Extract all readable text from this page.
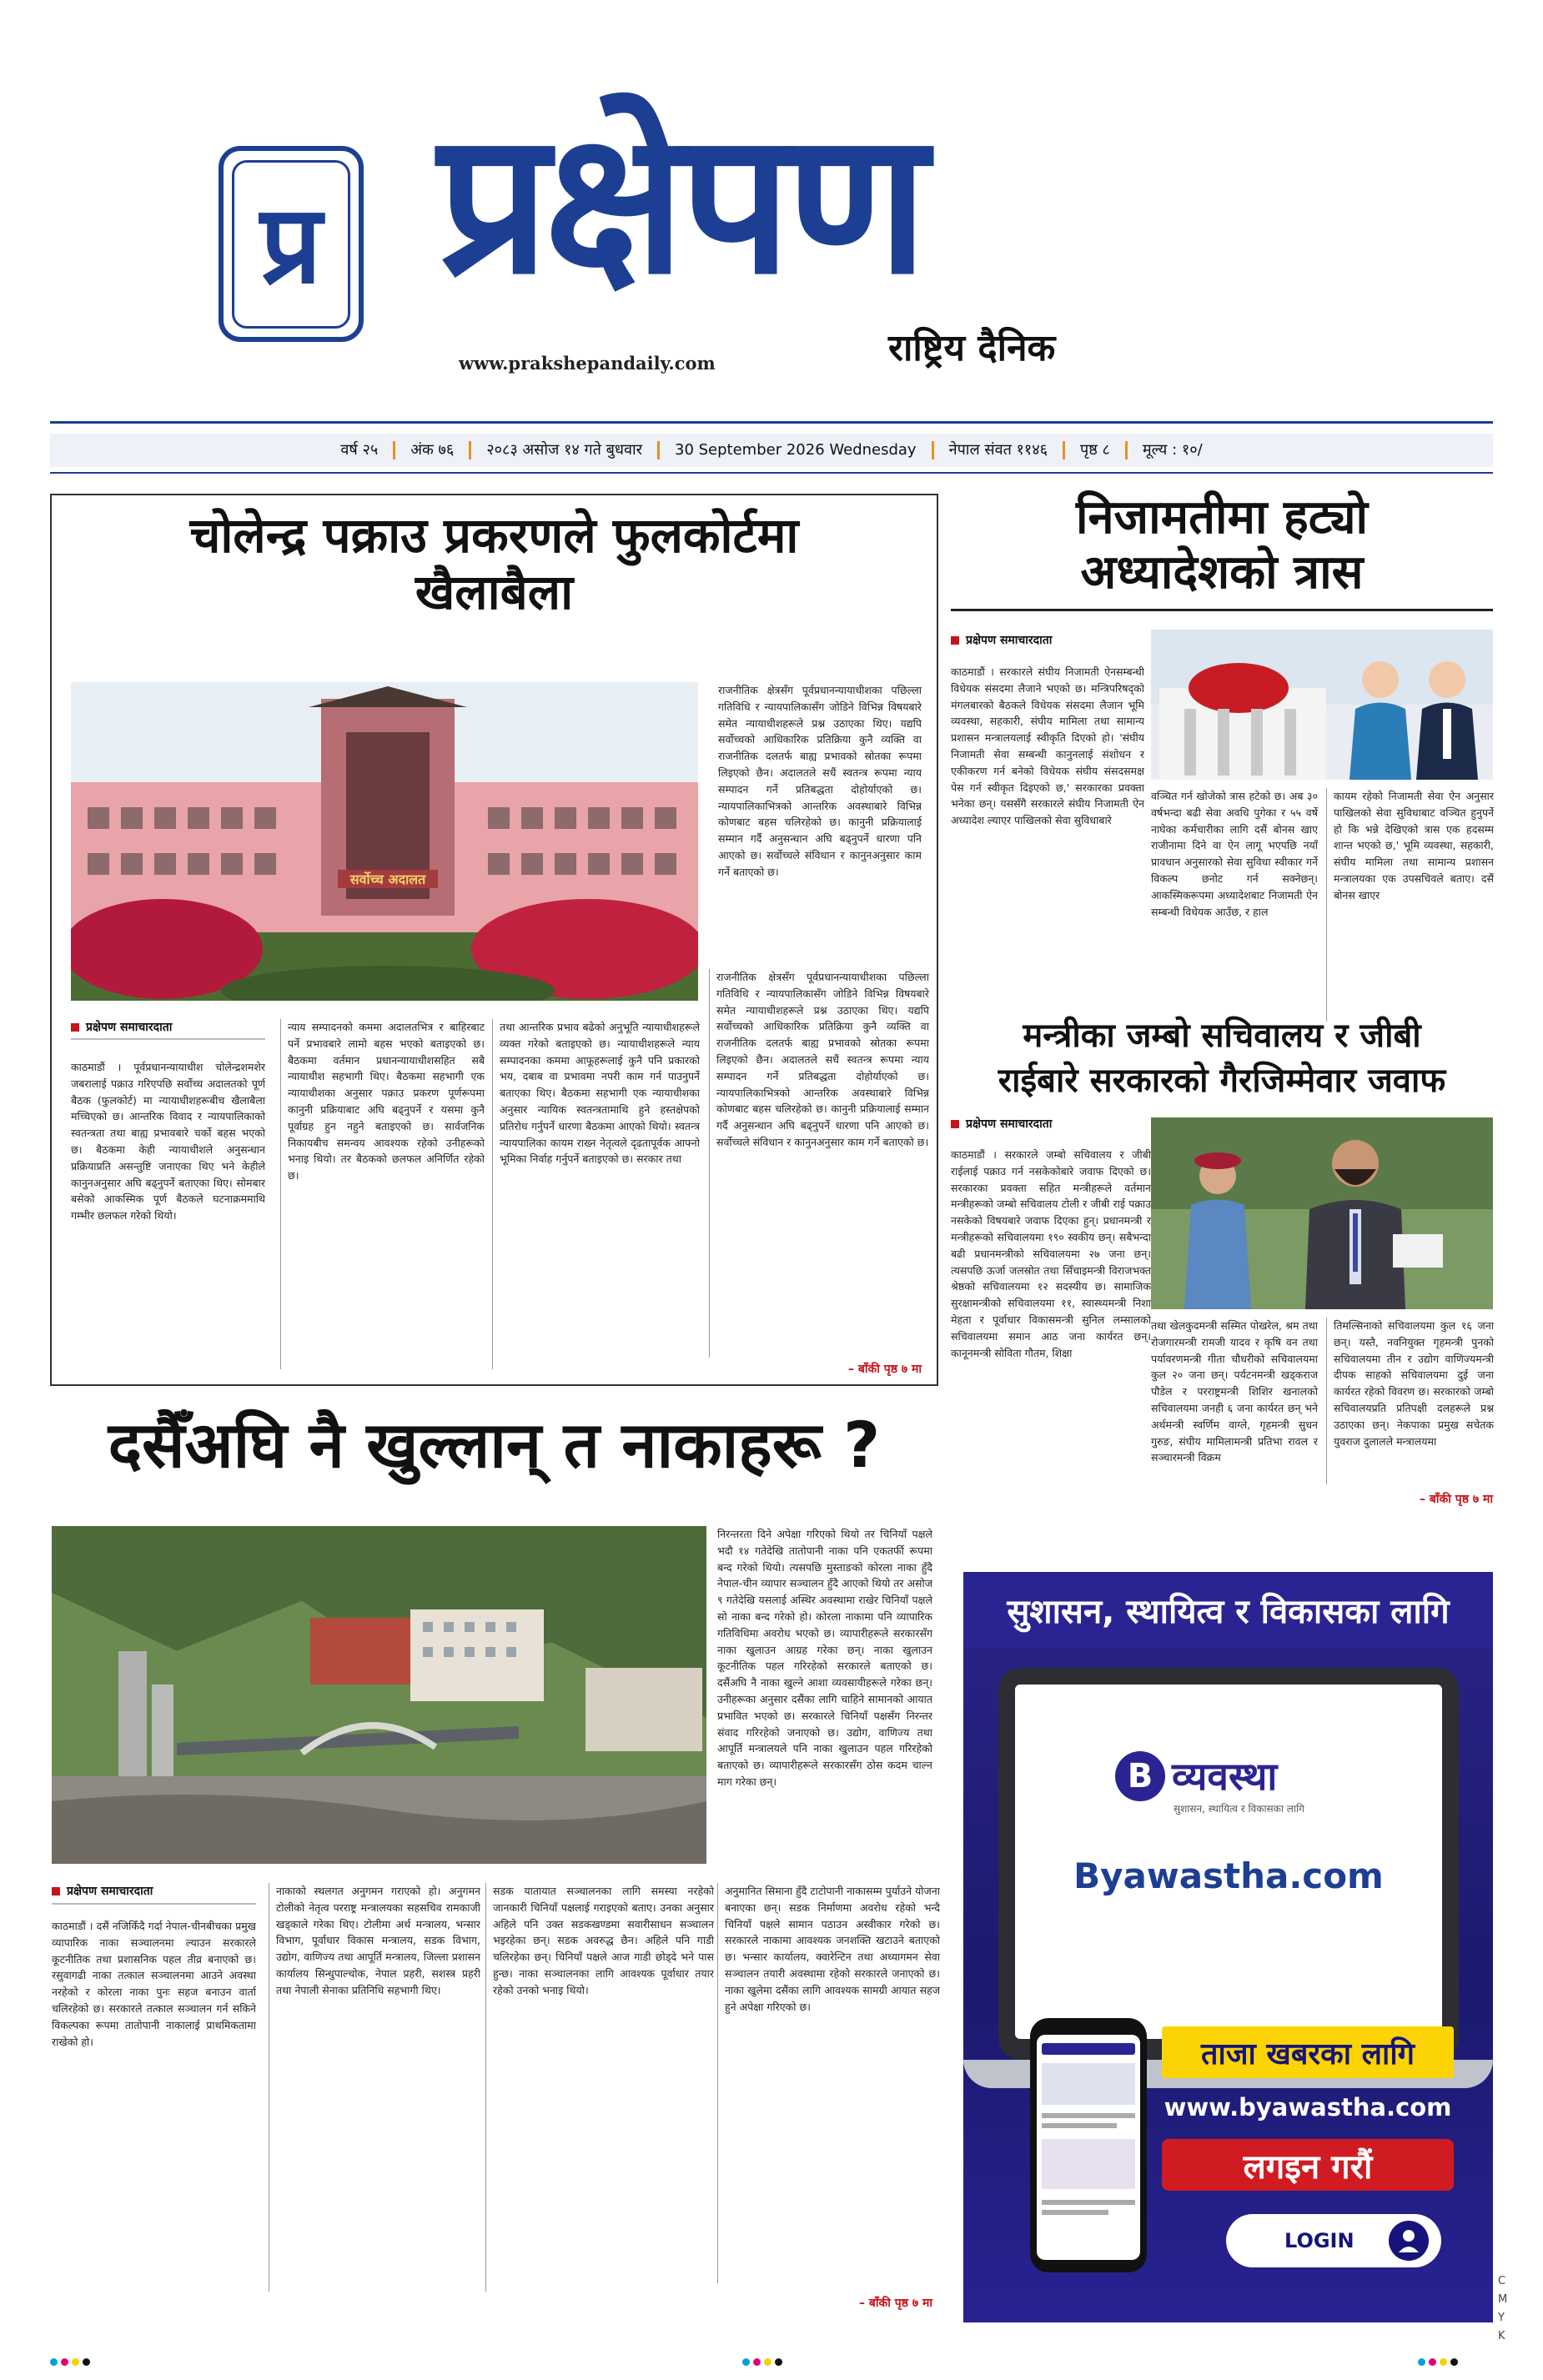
प्र प्रक्षेपण
राष्ट्रिय दैनिक
www.prakshepandaily.com
वर्ष २५	अंक ७६	२०८३ असोज १४ गते बुधवार	30 September 2026 Wednesday	नेपाल संवत ११४६	पृष्ठ ८	मूल्य : १०/
चोलेन्द्र पक्राउ प्रकरणले फुलकोर्टमा
खैलाबैला
सर्वोच्च अदालत
राजनीतिक क्षेत्रसँग पूर्वप्रधानन्यायाधीशका पछिल्ला गतिविधि र न्यायपालिकासँग जोडिने विभिन्न विषयबारे समेत न्यायाधीशहरूले प्रश्न उठाएका थिए। यद्यपि सर्वोच्चको आधिकारिक प्रतिक्रिया कुनै व्यक्ति वा राजनीतिक दलतर्फ बाह्य प्रभावको स्रोतका रूपमा लिइएको छैन। अदालतले सधैं स्वतन्त्र रूपमा न्याय सम्पादन गर्ने प्रतिबद्धता दोहोर्याएको छ। न्यायपालिकाभित्रको आन्तरिक अवस्थाबारे विभिन्न कोणबाट बहस चलिरहेको छ। कानुनी प्रक्रियालाई सम्मान गर्दै अनुसन्धान अघि बढ्नुपर्ने धारणा पनि आएको छ। सर्वोच्चले संविधान र कानुनअनुसार काम गर्ने बताएको छ।
प्रक्षेपण समाचारदाता
काठमाडौं । पूर्वप्रधानन्यायाधीश चोलेन्द्रशमशेर जबरालाई पक्राउ गरिएपछि सर्वोच्च अदालतको पूर्ण बैठक (फुलकोर्ट) मा न्यायाधीशहरूबीच खैलाबैला मच्चिएको छ। आन्तरिक विवाद र न्यायपालिकाको स्वतन्त्रता तथा बाह्य प्रभावबारे चर्को बहस भएको छ। बैठकमा केही न्यायाधीशले अनुसन्धान प्रक्रियाप्रति असन्तुष्टि जनाएका थिए भने केहीले कानुनअनुसार अघि बढ्नुपर्ने बताएका थिए। सोमबार बसेको आकस्मिक पूर्ण बैठकले घटनाक्रममाथि गम्भीर छलफल गरेको थियो।
न्याय सम्पादनको कममा अदालतभित्र र बाहिरबाट पर्ने प्रभावबारे लामो बहस भएको बताइएको छ। बैठकमा वर्तमान प्रधानन्यायाधीशसहित सबै न्यायाधीश सहभागी थिए। बैठकमा सहभागी एक न्यायाधीशका अनुसार पक्राउ प्रकरण पूर्णरूपमा कानुनी प्रक्रियाबाट अघि बढ्नुपर्ने र यसमा कुनै पूर्वाग्रह हुन नहुने बताइएको छ। सार्वजनिक निकायबीच समन्वय आवश्यक रहेको उनीहरूको भनाइ थियो। तर बैठकको छलफल अनिर्णित रहेको छ।
तथा आन्तरिक प्रभाव बढेको अनुभूति न्यायाधीशहरूले व्यक्त गरेको बताइएको छ। न्यायाधीशहरूले न्याय सम्पादनका कममा आफूहरूलाई कुनै पनि प्रकारको भय, दबाब वा प्रभावमा नपरी काम गर्न पाउनुपर्ने बताएका थिए। बैठकमा सहभागी एक न्यायाधीशका अनुसार न्यायिक स्वतन्त्रतामाथि हुने हस्तक्षेपको प्रतिरोध गर्नुपर्ने धारणा बैठकमा आएको थियो। स्वतन्त्र न्यायपालिका कायम राख्न नेतृत्वले दृढतापूर्वक आफ्नो भूमिका निर्वाह गर्नुपर्ने बताइएको छ। सरकार तथा
राजनीतिक क्षेत्रसँग पूर्वप्रधानन्यायाधीशका पछिल्ला गतिविधि र न्यायपालिकासँग जोडिने विभिन्न विषयबारे समेत न्यायाधीशहरूले प्रश्न उठाएका थिए। यद्यपि सर्वोच्चको आधिकारिक प्रतिक्रिया कुनै व्यक्ति वा राजनीतिक दलतर्फ बाह्य प्रभावको स्रोतका रूपमा लिइएको छैन। अदालतले सधैं स्वतन्त्र रूपमा न्याय सम्पादन गर्ने प्रतिबद्धता दोहोर्याएको छ। न्यायपालिकाभित्रको आन्तरिक अवस्थाबारे विभिन्न कोणबाट बहस चलिरहेको छ। कानुनी प्रक्रियालाई सम्मान गर्दै अनुसन्धान अघि बढ्नुपर्ने धारणा पनि आएको छ। सर्वोच्चले संविधान र कानुनअनुसार काम गर्ने बताएको छ।
– बाँकी पृष्ठ ७ मा
निजामतीमा हट्यो
अध्यादेशको त्रास
प्रक्षेपण समाचारदाता
काठमाडौं । सरकारले संघीय निजामती ऐनसम्बन्धी विधेयक संसदमा लैजाने भएको छ। मन्त्रिपरिषद्को मंगलबारको बैठकले विधेयक संसदमा लैजान भूमि व्यवस्था, सहकारी, संघीय मामिला तथा सामान्य प्रशासन मन्त्रालयलाई स्वीकृति दिएको हो। 'संघीय निजामती सेवा सम्बन्धी कानुनलाई संशोधन र एकीकरण गर्न बनेको विधेयक संघीय संसदसमक्ष पेस गर्न स्वीकृत दिइएको छ,' सरकारका प्रवक्ता भनेका छन्। यससँगै सरकारले संघीय निजामती ऐन अध्यादेश ल्याएर पाखिलको सेवा सुविधाबारे
वञ्चित गर्न खोजेको त्रास हटेको छ। अब ३० वर्षभन्दा बढी सेवा अवधि पुगेका र ५५ वर्षे नाघेका कर्मचारीका लागि दसैं बोनस खाए राजीनामा दिने वा ऐन लागू भएपछि नयाँ प्रावधान अनुसारको सेवा सुविधा स्वीकार गर्ने विकल्प छनोट गर्न सक्नेछन्। आकस्मिकरूपमा अध्यादेशबाट निजामती ऐन सम्बन्धी विधेयक आउँछ, र हाल
कायम रहेको निजामती सेवा ऐन अनुसार पाखिलको सेवा सुविधाबाट वञ्चित हुनुपर्ने हो कि भन्ने देखिएको त्रास एक हदसम्म शान्त भएको छ,' भूमि व्यवस्था, सहकारी, संघीय मामिला तथा सामान्य प्रशासन मन्त्रालयका एक उपसचिवले बताए। दसैं बोनस खाएर
मन्त्रीका जम्बो सचिवालय र जीबी
राईबारे सरकारको गैरजिम्मेवार जवाफ
प्रक्षेपण समाचारदाता
काठमाडौं । सरकारले जम्बो सचिवालय र जीबी राईलाई पक्राउ गर्न नसकेकोबारे जवाफ दिएको छ। सरकारका प्रवक्ता सहित मन्त्रीहरूले वर्तमान मन्त्रीहरूको जम्बो सचिवालय टोली र जीबी राई पक्राउ नसकेको विषयबारे जवाफ दिएका हुन्। प्रधानमन्त्री र मन्त्रीहरूको सचिवालयमा १९० स्वकीय छन्। सबैभन्दा बढी प्रधानमन्त्रीको सचिवालयमा २७ जना छन्। त्यसपछि ऊर्जा जलस्रोत तथा सिँचाइमन्त्री विराजभक्त श्रेष्ठको सचिवालयमा १२ सदस्यीय छ। सामाजिक सुरक्षामन्त्रीको सचिवालयमा ११, स्वास्थ्यमन्त्री निशा मेहता र पूर्वाधार विकासमन्त्री सुनिल लम्सालको सचिवालयमा समान आठ जना कार्यरत छन्। कानूनमन्त्री सोविता गौतम, शिक्षा
तथा खेलकुदमन्त्री सस्मित पोखरेल, श्रम तथा रोजगारमन्त्री रामजी यादव र कृषि वन तथा पर्यावरणमन्त्री गीता चौधरीको सचिवालयमा कुल २० जना छन्। पर्यटनमन्त्री खड्कराज पौडेल र परराष्ट्रमन्त्री शिशिर खनालको सचिवालयमा जनही ६ जना कार्यरत छन् भने अर्थमन्त्री स्वर्णिम वाग्ले, गृहमन्त्री सुधन गुरुङ, संघीय मामिलामन्त्री प्रतिभा रावल र सञ्चारमन्त्री विक्रम
तिमल्सिनाको सचिवालयमा कुल १६ जना छन्। यस्तै, नवनियुक्त गृहमन्त्री पुनको सचिवालयमा तीन र उद्योग वाणिज्यमन्त्री दीपक साहको सचिवालयमा दुई जना कार्यरत रहेको विवरण छ। सरकारको जम्बो सचिवालयप्रति प्रतिपक्षी दलहरूले प्रश्न उठाएका छन्। नेकपाका प्रमुख सचेतक युवराज दुलालले मन्त्रालयमा
– बाँकी पृष्ठ ७ मा
दसैँअघि नै खुल्लान् त नाकाहरू ?
निरन्तरता दिने अपेक्षा गरिएको थियो तर चिनियाँ पक्षले भदौ १४ गतेदेखि तातोपानी नाका पनि एकतर्फी रूपमा बन्द गरेको थियो। त्यसपछि मुस्ताङको कोरला नाका हुँदै नेपाल-चीन व्यापार सञ्चालन हुँदै आएको थियो तर असोज ९ गतेदेखि यसलाई अस्थिर अवस्थामा राखेर चिनियाँ पक्षले सो नाका बन्द गरेको हो। कोरला नाकामा पनि व्यापारिक गतिविधिमा अवरोध भएको छ। व्यापारीहरूले सरकारसँग नाका खुलाउन आग्रह गरेका छन्। नाका खुलाउन कूटनीतिक पहल गरिरहेको सरकारले बताएको छ। दसैंअघि नै नाका खुल्ने आशा व्यवसायीहरूले गरेका छन्। उनीहरूका अनुसार दसैंका लागि चाहिने सामानको आयात प्रभावित भएको छ। सरकारले चिनियाँ पक्षसँग निरन्तर संवाद गरिरहेको जनाएको छ। उद्योग, वाणिज्य तथा आपूर्ति मन्त्रालयले पनि नाका खुलाउन पहल गरिरहेको बताएको छ। व्यापारीहरूले सरकारसँग ठोस कदम चाल्न माग गरेका छन्।
प्रक्षेपण समाचारदाता
काठमाडौं । दसैं नजिकिँदै गर्दा नेपाल-चीनबीचका प्रमुख व्यापारिक नाका सञ्चालनमा ल्याउन सरकारले कूटनीतिक तथा प्रशासनिक पहल तीव्र बनाएको छ। रसुवागढी नाका तत्काल सञ्चालनमा आउने अवस्था नरहेको र कोरला नाका पुनः सहज बनाउन वार्ता चलिरहेको छ। सरकारले तत्काल सञ्चालन गर्न सकिने विकल्पका रूपमा तातोपानी नाकालाई प्राथमिकतामा राखेको हो।
नाकाको स्थलगत अनुगमन गराएको हो। अनुगमन टोलीको नेतृत्व परराष्ट्र मन्त्रालयका सहसचिव रामकाजी खड्काले गरेका थिए। टोलीमा अर्थ मन्त्रालय, भन्सार विभाग, पूर्वाधार विकास मन्त्रालय, सडक विभाग, उद्योग, वाणिज्य तथा आपूर्ति मन्त्रालय, जिल्ला प्रशासन कार्यालय सिन्धुपाल्चोक, नेपाल प्रहरी, सशस्त्र प्रहरी तथा नेपाली सेनाका प्रतिनिधि सहभागी थिए।
सडक यातायात सञ्चालनका लागि समस्या नरहेको जानकारी चिनियाँ पक्षलाई गराइएको बताए। उनका अनुसार अहिले पनि उक्त सडकखण्डमा सवारीसाधन सञ्चालन भइरहेका छन्। सडक अवरुद्ध छैन। अहिले पनि गाडी चलिरहेका छन्। चिनियाँ पक्षले आज गाडी छोड्दे भने पास हुन्छ। नाका सञ्चालनका लागि आवश्यक पूर्वाधार तयार रहेको उनको भनाइ थियो।
अनुमानित सिमाना हुँदै टाटोपानी नाकासम्म पुर्याउने योजना बनाएका छन्। सडक निर्माणमा अवरोध रहेको भन्दै चिनियाँ पक्षले सामान पठाउन अस्वीकार गरेको छ। सरकारले नाकामा आवश्यक जनशक्ति खटाउने बताएको छ। भन्सार कार्यालय, क्वारेन्टिन तथा अध्यागमन सेवा सञ्चालन तयारी अवस्थामा रहेको सरकारले जनाएको छ। नाका खुलेमा दसैंका लागि आवश्यक सामग्री आयात सहज हुने अपेक्षा गरिएको छ।
– बाँकी पृष्ठ ७ मा
सुशासन, स्थायित्व र विकासका लागि
B व्यवस्था
सुशासन, स्थायित्व र विकासका लागि
Byawastha.com
ताजा खबरका लागि
www.byawastha.com
लगइन गरौं
LOGIN
C M Y K
